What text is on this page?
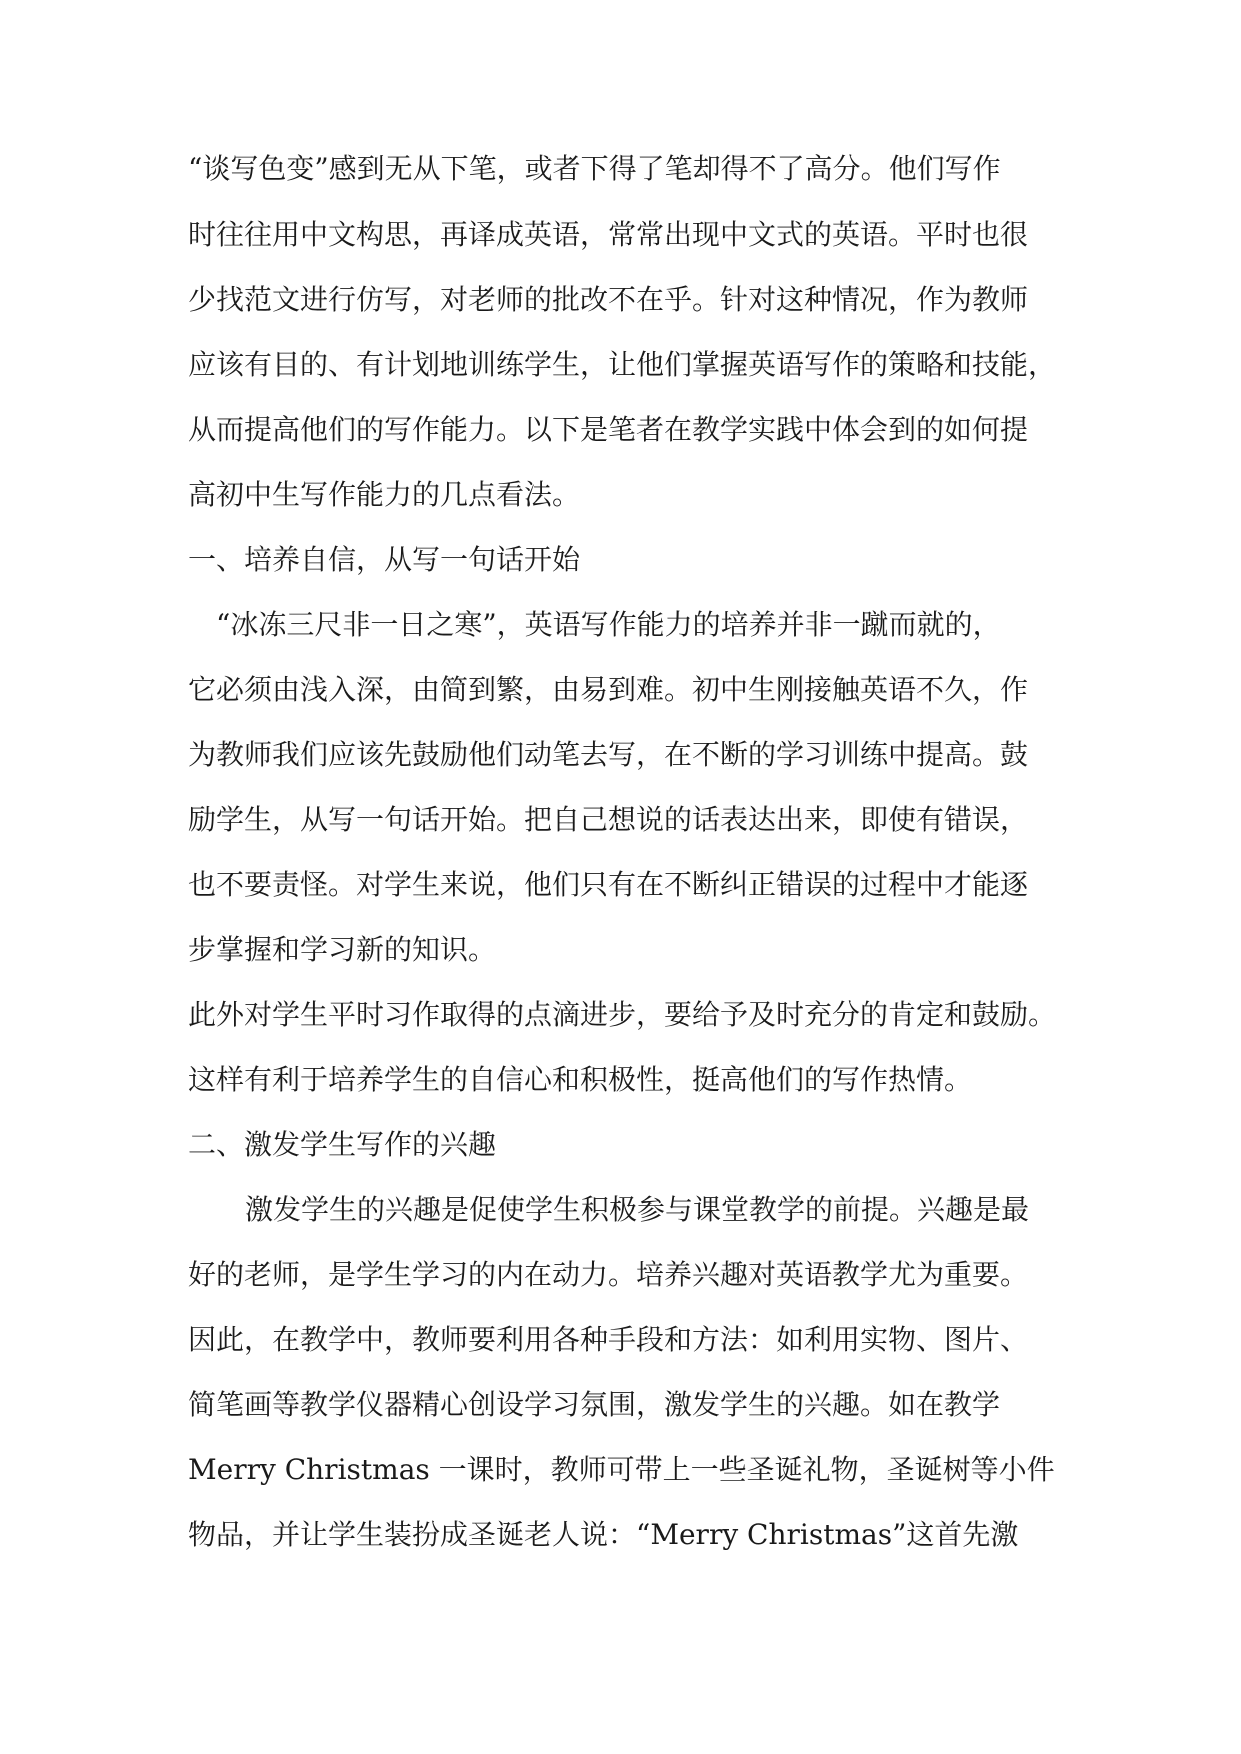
“谈写色变”感到无从下笔，或者下得了笔却得不了高分。他们写作
时往往用中文构思，再译成英语，常常出现中文式的英语。平时也很
少找范文进行仿写，对老师的批改不在乎。针对这种情况，作为教师
应该有目的、有计划地训练学生，让他们掌握英语写作的策略和技能，
从而提高他们的写作能力。以下是笔者在教学实践中体会到的如何提
高初中生写作能力的几点看法。
一、培养自信，从写一句话开始
“冰冻三尺非一日之寒”，英语写作能力的培养并非一蹴而就的，
它必须由浅入深，由简到繁，由易到难。初中生刚接触英语不久，作
为教师我们应该先鼓励他们动笔去写，在不断的学习训练中提高。鼓
励学生，从写一句话开始。把自己想说的话表达出来，即使有错误，
也不要责怪。对学生来说，他们只有在不断纠正错误的过程中才能逐
步掌握和学习新的知识。
此外对学生平时习作取得的点滴进步，要给予及时充分的肯定和鼓励。
这样有利于培养学生的自信心和积极性，挺高他们的写作热情。
二、激发学生写作的兴趣
激发学生的兴趣是促使学生积极参与课堂教学的前提。兴趣是最
好的老师，是学生学习的内在动力。培养兴趣对英语教学尤为重要。
因此，在教学中，教师要利用各种手段和方法：如利用实物、图片、
简笔画等教学仪器精心创设学习氛围，激发学生的兴趣。如在教学
Merry Christmas 一课时，教师可带上一些圣诞礼物，圣诞树等小件
物品，并让学生装扮成圣诞老人说：“Merry Christmas”这首先激
